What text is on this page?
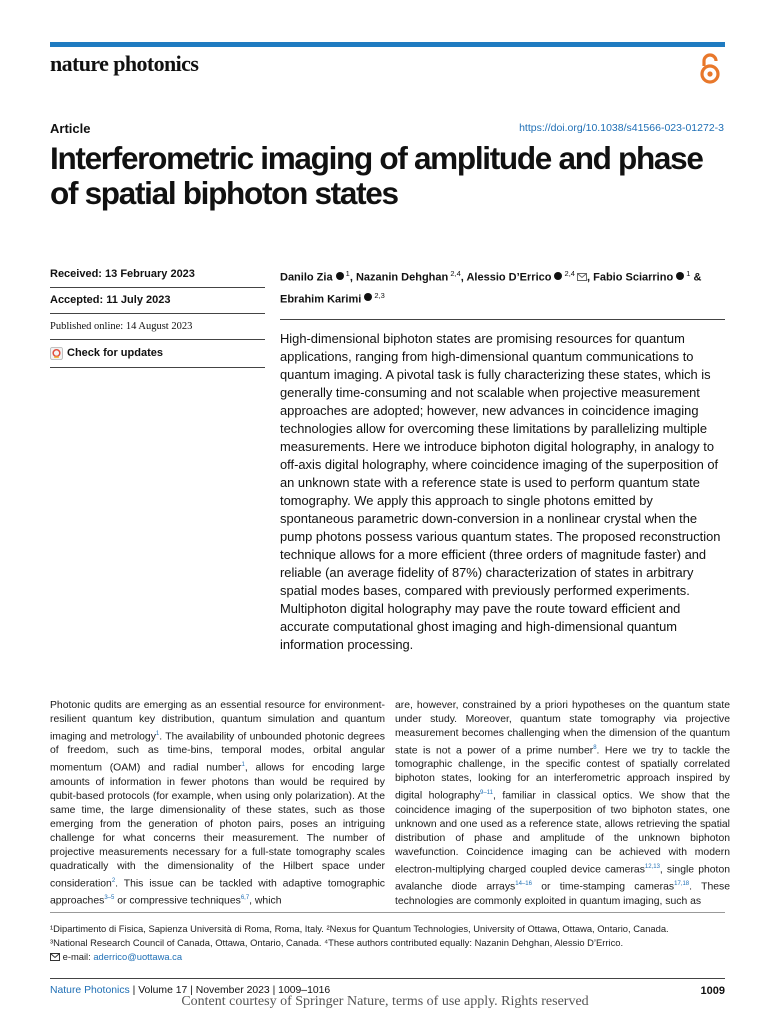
nature photonics
Article	https://doi.org/10.1038/s41566-023-01272-3
Interferometric imaging of amplitude and phase of spatial biphoton states
Received: 13 February 2023
Accepted: 11 July 2023
Published online: 14 August 2023
Check for updates
Danilo Zia $^1$, Nazanin Dehghan $^{2,4}$, Alessio D’Errico $^{2,4}$ , Fabio Sciarrino $^1$ & Ebrahim Karimi $^{2,3}$

High-dimensional biphoton states are promising resources for quantum applications, ranging from high-dimensional quantum communications to quantum imaging. A pivotal task is fully characterizing these states, which is generally time-consuming and not scalable when projective measurement approaches are adopted; however, new advances in coincidence imaging technologies allow for overcoming these limitations by parallelizing multiple measurements. Here we introduce biphoton digital holography, in analogy to off-axis digital holography, where coincidence imaging of the superposition of an unknown state with a reference state is used to perform quantum state tomography. We apply this approach to single photons emitted by spontaneous parametric down-conversion in a nonlinear crystal when the pump photons possess various quantum states. The proposed reconstruction technique allows for a more efficient (three orders of magnitude faster) and reliable (an average fidelity of 87%) characterization of states in arbitrary spatial modes bases, compared with previously performed experiments. Multiphoton digital holography may pave the route toward efficient and accurate computational ghost imaging and high-dimensional quantum information processing.

Photonic qudits are emerging as an essential resource for environment-resilient quantum key distribution, quantum simulation and quantum imaging and metrology$^1$. The availability of unbounded photonic degrees of freedom, such as time-bins, temporal modes, orbital angular momentum (OAM) and radial number$^1$, allows for encoding large amounts of information in fewer photons than would be required by qubit-based protocols (for example, when using only polarization). At the same time, the large dimensionality of these states, such as those emerging from the generation of photon pairs, poses an intriguing challenge for what concerns their measurement. The number of projective measurements necessary for a full-state tomography scales quadratically with the dimensionality of the Hilbert space under consideration$^2$. This issue can be tackled with adaptive tomographic approaches$^{3-5}$ or compressive techniques$^{6,7}$, which

are, however, constrained by a priori hypotheses on the quantum state under study. Moreover, quantum state tomography via projective measurement becomes challenging when the dimension of the quantum state is not a power of a prime number$^8$. Here we try to tackle the tomographic challenge, in the specific contest of spatially correlated biphoton states, looking for an interferometric approach inspired by digital holography$^{9-11}$, familiar in classical optics. We show that the coincidence imaging of the superposition of two biphoton states, one unknown and one used as a reference state, allows retrieving the spatial distribution of phase and amplitude of the unknown biphoton wavefunction. Coincidence imaging can be achieved with modern electron-multiplying charged coupled device cameras$^{12,13}$, single photon avalanche diode arrays$^{14-16}$ or time-stamping cameras$^{17,18}$. These technologies are commonly exploited in quantum imaging, such as

¹Dipartimento di Fisica, Sapienza Università di Roma, Roma, Italy. ²Nexus for Quantum Technologies, University of Ottawa, Ottawa, Ontario, Canada.
³National Research Council of Canada, Ottawa, Ontario, Canada. ⁴These authors contributed equally: Nazanin Dehghan, Alessio D’Errico.
e-mail: aderrico@uottawa.ca
Nature Photonics | Volume 17 | November 2023 | 1009–1016	1009
Content courtesy of Springer Nature, terms of use apply. Rights reserved
